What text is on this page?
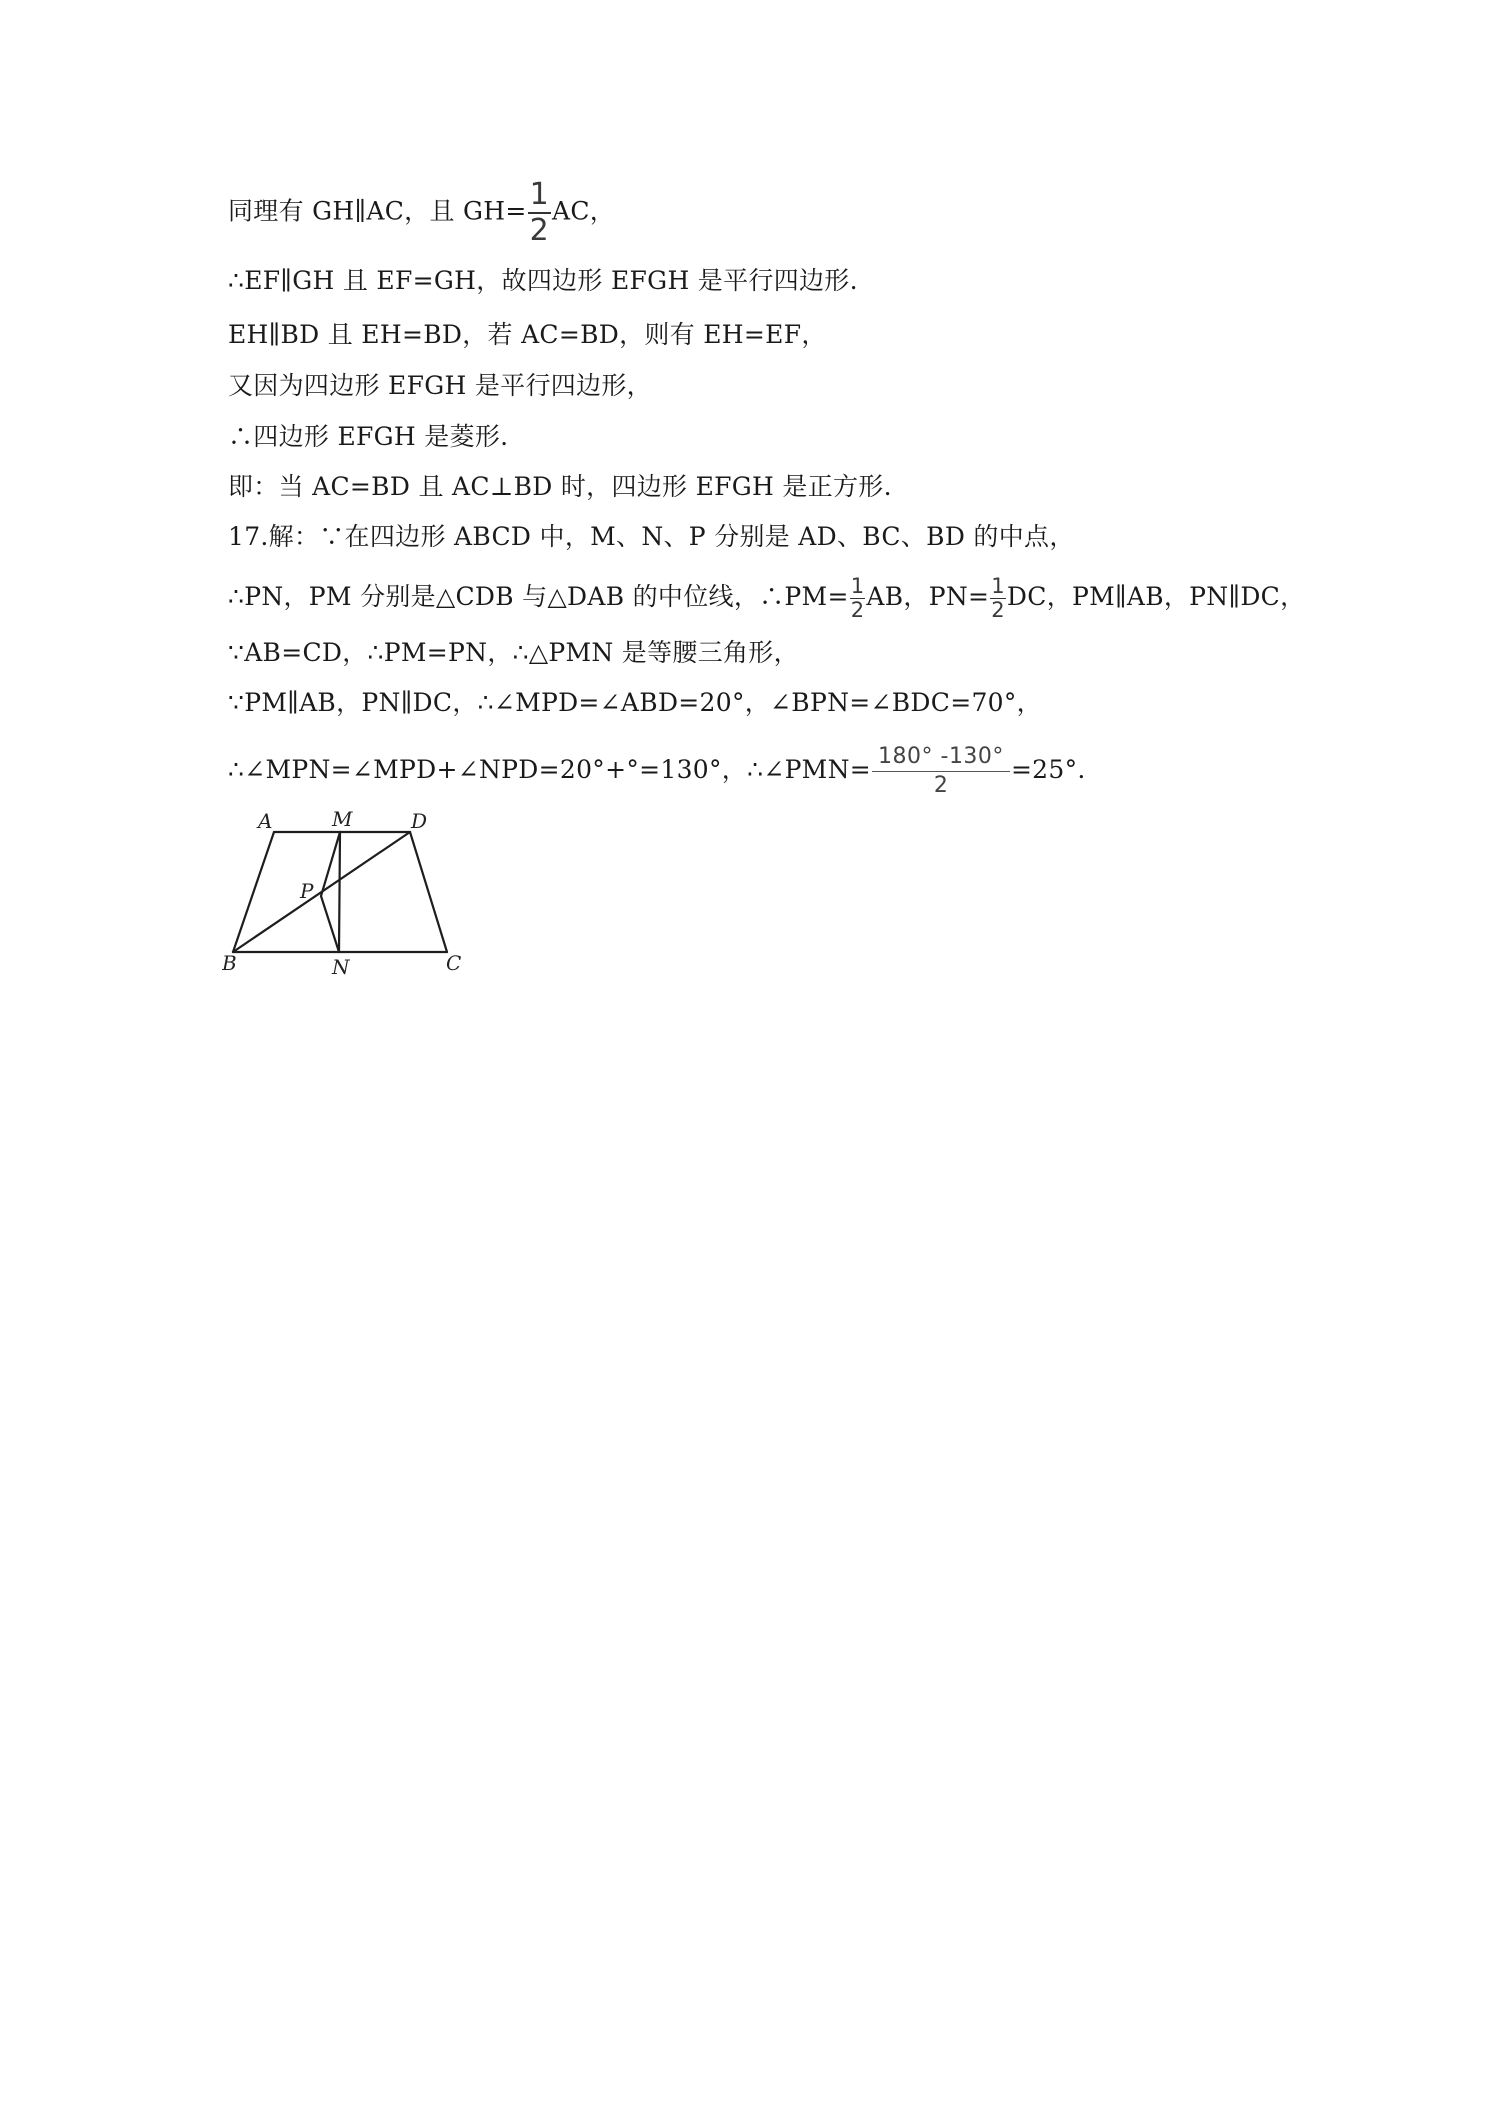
同理有 GH∥AC，且 $GH= \frac{1}{2}$ AC，
∴EF∥GH 且 EF=GH，故四边形 EFGH 是平行四边形.
EH∥BD 且 EH=BD，若 AC=BD，则有 EH=EF，
又因为四边形 EFGH 是平行四边形，
∴四边形 EFGH 是菱形.
即：当 AC=BD 且 AC⊥BD 时，四边形 EFGH 是正方形.
17.解：∵在四边形 ABCD 中，M、N、P 分别是 AD、BC、BD 的中点，
∴PN，PM 分别是△CDB 与△DAB 的中位线，∴PM= $\frac{1}{2}$ AB，$PN= \frac{1}{2}$ DC，PM∥AB，PN∥DC，
∵AB=CD，∴PM=PN，∴△PMN 是等腰三角形，
∵PM∥AB，PN∥DC，∴∠MPD=∠ABD=20°，∠BPN=∠BDC=70°，
∴∠MPN=∠MPD+∠NPD=20°+°=130°，∴∠PMN= $\frac{180^\circ -130^\circ}{2} =25^\circ$.
A	M	D
P
B	N	C
